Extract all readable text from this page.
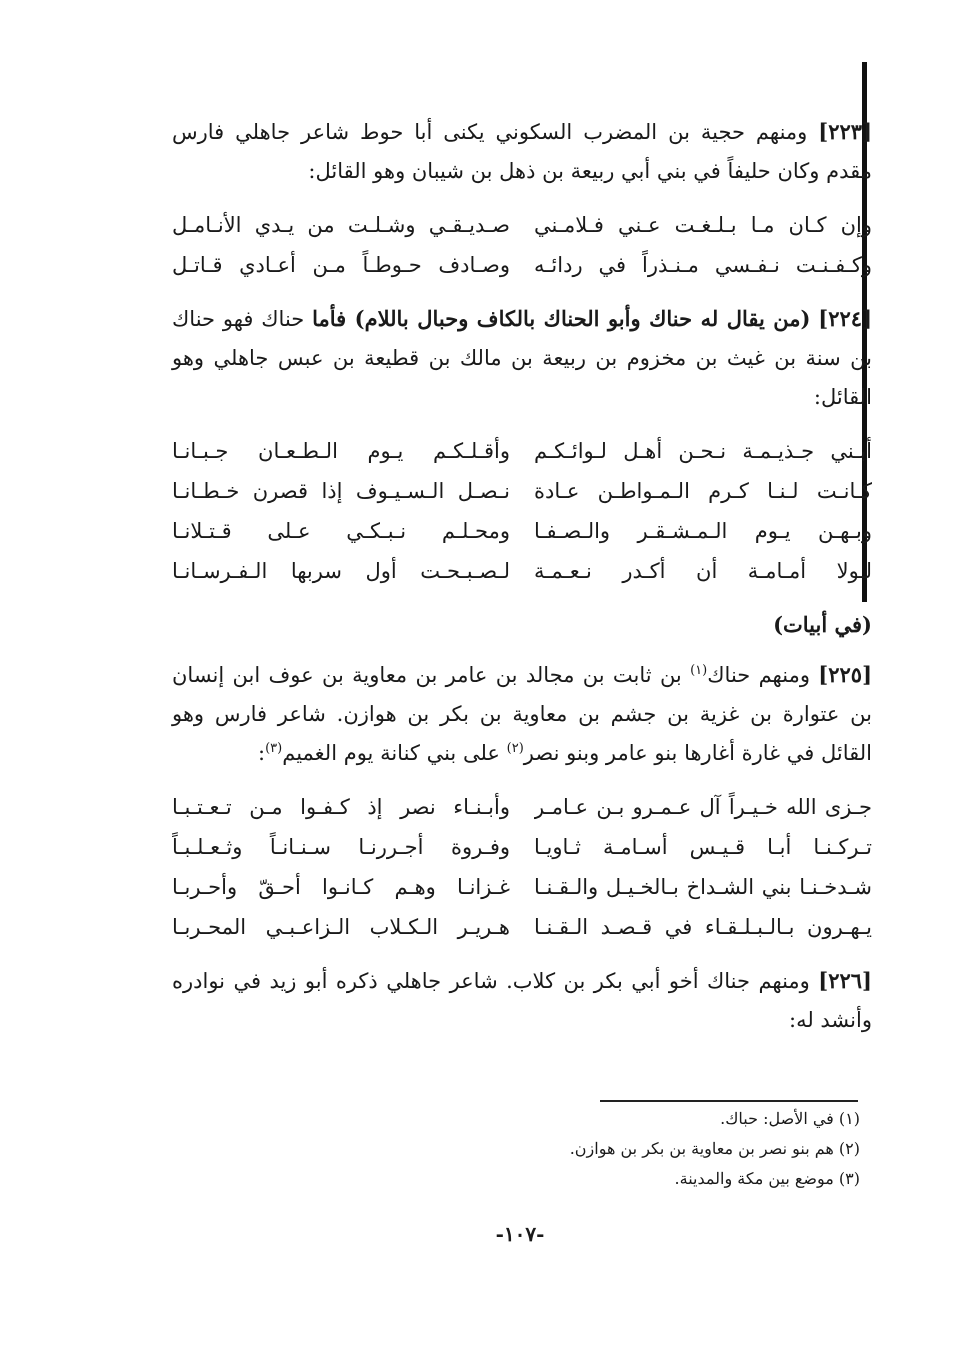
[٢٢٣] ومنهم حجية بن المضرب السكوني يكنى أبا حوط شاعر جاهلي فارس مقدم وكان حليفاً في بني أبي ربيعة بن ذهل بن شيبان وهو القائل:

وإن كـان مـا بـلـغـت عـني فـلامـني
صـديـقـي وشـلـت من يـدي الأنـامـل
وكـفـنـت نـفـسي مـنـذراً في ردائـه
وصـادف حـوطـاً مـن أعـادي قـاتـل

[٢٢٤] (من يقال له حناك وأبو الحناك بالكاف وحبال باللام) فأما حناك فهو حناك بن سنة بن غيث بن مخزوم بن ربيعة بن مالك بن قطيعة بن عبس جاهلي وهو القائل:

أبـني جـذيـمـة نـحـن أهـل لـوائـكـم
وأقـلـكـم يـوم الـطـعـان جـبـانـا
كـانـت لـنـا كـرم الـمـواطـن عـادة
نـصـل الـسـيـوف إذا قصرن خـطـانـا
وبـهـن يـوم الـمـشـقـر والـصـفـا
ومحـلـم نـبـكـي عـلى قـتـلانـا
لـولا أمـامـة أن أكـدر نـعـمـة
لـصـبـحـت أول سربها الـفـرسـانـا
(في أبيات)

[٢٢٥] ومنهم حناك$^{(١)}$ بن ثابت بن مجالد بن عامر بن معاوية بن عوف ابن إنسان بن عتوارة بن غزية بن جشم بن معاوية بن بكر بن هوازن. شاعر فارس وهو القائل في غارة أغارها بنو عامر وبنو نصر$^{(٢)}$ على بني كنانة يوم الغميم$^{(٣)}$:

جـزى الله خـيـراً آل عـمـرو بـن عـامـر
وأبـنـاء نصر إذ كـفـوا مـن تـعـتـبـا
تـركـنـا أبـا قـيـس أسـامـة ثـاويـا
وفـروة أجـررنـا سـنـانـاً وثـعـلـبـاً
شـدخـنـا بني الشـداخ بـالخـيـل والـقـنـا
غـزانـا وهـم كـانـوا أحـقّ وأحـربـا
يـهـرون بـالـبـلـقـاء في قـصـد الـقـنـا
هـريـر الـكـلاب الـزاعـبـي المحـربـا

[٢٢٦] ومنهم جناك أخو أبي بكر بن كلاب. شاعر جاهلي ذكره أبو زيد في نوادره وأنشد له:

(١) في الأصل: حباك.

(٢) هم بنو نصر بن معاوية بن بكر بن هوازن.

(٣) موضع بين مكة والمدينة.

-١٠٧-
